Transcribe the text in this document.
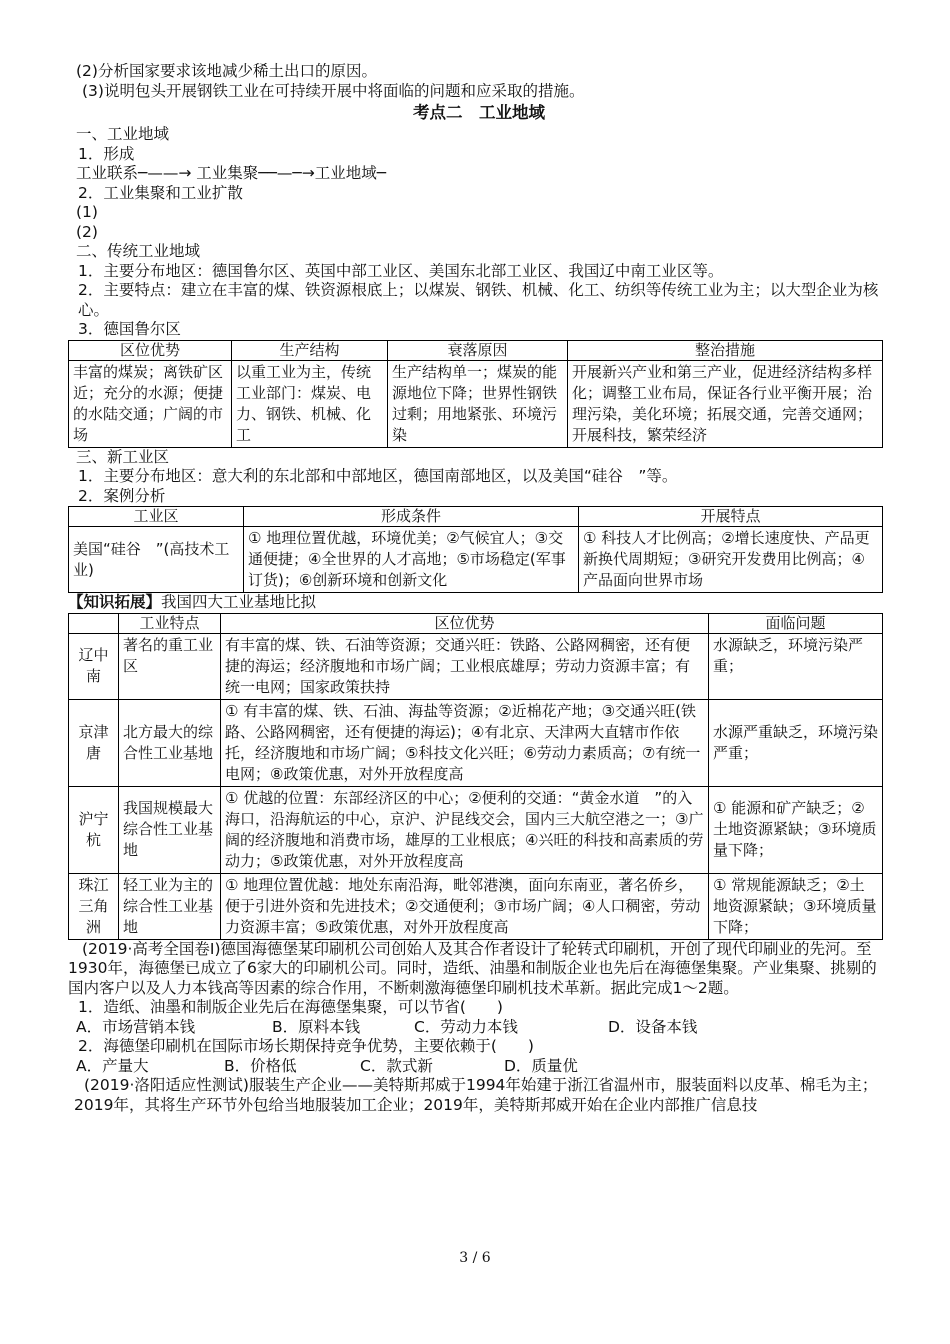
(2)分析国家要求该地减少稀土出口的原因。
(3)说明包头开展钢铁工业在可持续开展中将面临的问题和应采取的措施。
考点二　工业地域
一、工业地域
1．形成
工业联系─——→ 工业集聚──—─→工业地域─
2．工业集聚和工业扩散
(1)
(2)
二、传统工业地域
1．主要分布地区：德国鲁尔区、英国中部工业区、美国东北部工业区、我国辽中南工业区等。
2．主要特点：建立在丰富的煤、铁资源根底上；以煤炭、钢铁、机械、化工、纺织等传统工业为主；以大型企业为核心。
3．德国鲁尔区
区位优势	生产结构	衰落原因	整治措施
丰富的煤炭；离铁矿区近；充分的水源；便捷的水陆交通；广阔的市场	以重工业为主，传统工业部门：煤炭、电力、钢铁、机械、化工	生产结构单一；煤炭的能源地位下降；世界性钢铁过剩；用地紧张、环境污染	开展新兴产业和第三产业，促进经济结构多样化；调整工业布局，保证各行业平衡开展；治理污染，美化环境；拓展交通，完善交通网；开展科技，繁荣经济
三、新工业区
1．主要分布地区：意大利的东北部和中部地区，德国南部地区，以及美国“硅谷　”等。
2．案例分析
工业区	形成条件	开展特点
美国“硅谷　”(高技术工业)	① 地理位置优越，环境优美；②气候宜人；③交通便捷；④全世界的人才高地；⑤市场稳定(军事订货)；⑥创新环境和创新文化	① 科技人才比例高；②增长速度快、产品更新换代周期短；③研究开发费用比例高；④产品面向世界市场
【知识拓展】我国四大工业基地比拟
	工业特点	区位优势	面临问题
辽中南	著名的重工业区	有丰富的煤、铁、石油等资源；交通兴旺：铁路、公路网稠密，还有便捷的海运；经济腹地和市场广阔；工业根底雄厚；劳动力资源丰富；有统一电网；国家政策扶持	水源缺乏，环境污染严重；
京津唐	北方最大的综合性工业基地	① 有丰富的煤、铁、石油、海盐等资源；②近棉花产地；③交通兴旺(铁路、公路网稠密，还有便捷的海运)；④有北京、天津两大直辖市作依托，经济腹地和市场广阔；⑤科技文化兴旺；⑥劳动力素质高；⑦有统一电网；⑧政策优惠，对外开放程度高	水源严重缺乏，环境污染严重；
沪宁杭	我国规模最大综合性工业基地	① 优越的位置：东部经济区的中心；②便利的交通：“黄金水道　”的入海口，沿海航运的中心，京沪、沪昆线交会，国内三大航空港之一；③广阔的经济腹地和消费市场，雄厚的工业根底；④兴旺的科技和高素质的劳动力；⑤政策优惠，对外开放程度高	① 能源和矿产缺乏；②土地资源紧缺；③环境质量下降；
珠江三角洲	轻工业为主的综合性工业基地	① 地理位置优越：地处东南沿海，毗邻港澳，面向东南亚，著名侨乡，便于引进外资和先进技术；②交通便利；③市场广阔；④人口稠密，劳动力资源丰富；⑤政策优惠，对外开放程度高	① 常规能源缺乏；②土地资源紧缺；③环境质量下降；
(2019·高考全国卷Ⅰ)德国海德堡某印刷机公司创始人及其合作者设计了轮转式印刷机，开创了现代印刷业的先河。至1930年，海德堡已成立了6家大的印刷机公司。同时，造纸、油墨和制版企业也先后在海德堡集聚。产业集聚、挑剔的国内客户以及人力本钱高等因素的综合作用，不断刺激海德堡印刷机技术革新。据此完成1～2题。
1．造纸、油墨和制版企业先后在海德堡集聚，可以节省(　　)
A．市场营销本钱	B．原料本钱	C．劳动力本钱	D．设备本钱
2．海德堡印刷机在国际市场长期保持竞争优势，主要依赖于(　　)
A．产量大	B．价格低	C．款式新	D．质量优
(2019·洛阳适应性测试)服装生产企业——美特斯邦威于1994年始建于浙江省温州市，服装面料以皮革、棉毛为主；2019年，其将生产环节外包给当地服装加工企业；2019年，美特斯邦威开始在企业内部推广信息技
3 / 6
